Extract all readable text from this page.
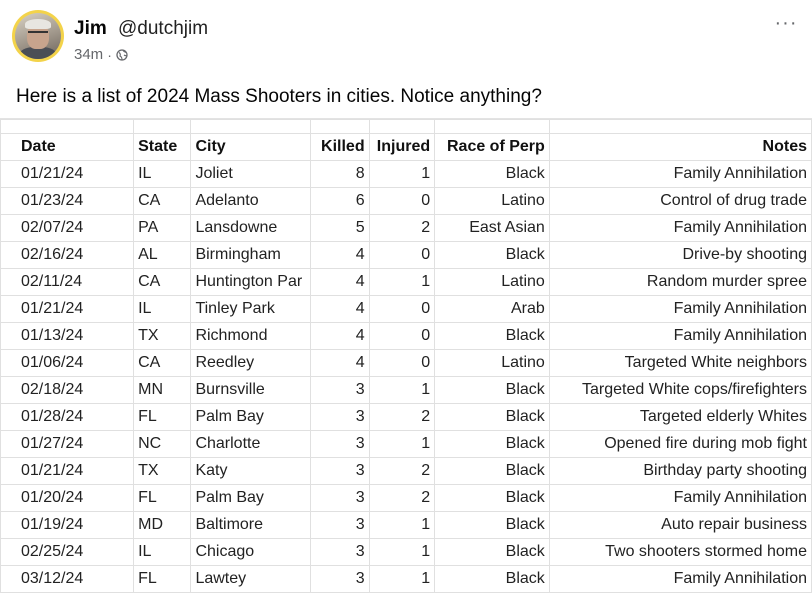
Jim @dutchjim
34m ·
···
Here is a list of 2024 Mass Shooters in cities. Notice anything?

Date	State	City	Killed	Injured	Race of Perp	Notes
01/21/24	IL	Joliet	8	1	Black	Family Annihilation
01/23/24	CA	Adelanto	6	0	Latino	Control of drug trade
02/07/24	PA	Lansdowne	5	2	East Asian	Family Annihilation
02/16/24	AL	Birmingham	4	0	Black	Drive-by shooting
02/11/24	CA	Huntington Par	4	1	Latino	Random murder spree
01/21/24	IL	Tinley Park	4	0	Arab	Family Annihilation
01/13/24	TX	Richmond	4	0	Black	Family Annihilation
01/06/24	CA	Reedley	4	0	Latino	Targeted White neighbors
02/18/24	MN	Burnsville	3	1	Black	Targeted White cops/firefighters
01/28/24	FL	Palm Bay	3	2	Black	Targeted elderly Whites
01/27/24	NC	Charlotte	3	1	Black	Opened fire during mob fight
01/21/24	TX	Katy	3	2	Black	Birthday party shooting
01/20/24	FL	Palm Bay	3	2	Black	Family Annihilation
01/19/24	MD	Baltimore	3	1	Black	Auto repair business
02/25/24	IL	Chicago	3	1	Black	Two shooters stormed home
03/12/24	FL	Lawtey	3	1	Black	Family Annihilation
